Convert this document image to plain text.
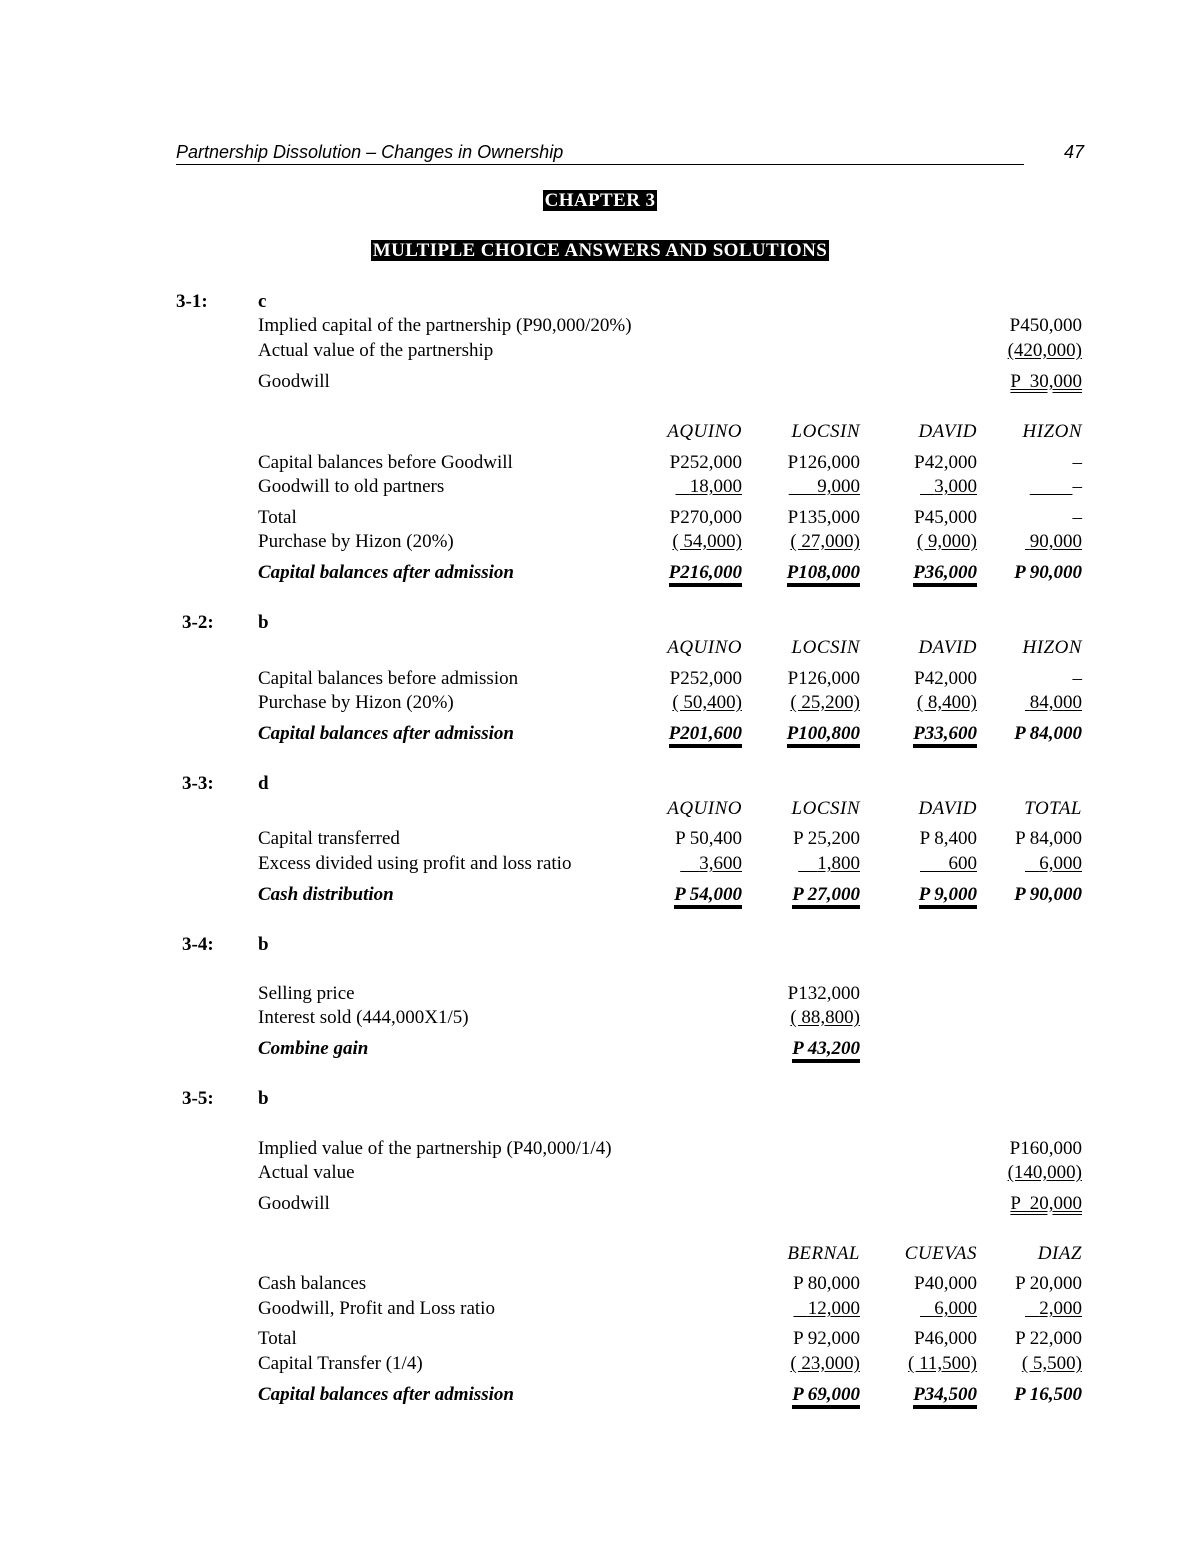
Partnership Dissolution – Changes in Ownership	47
CHAPTER 3
MULTIPLE CHOICE ANSWERS AND SOLUTIONS
3-1:	c
Implied capital of the partnership (P90,000/20%)	P450,000
Actual value of the partnership	(420,000)
Goodwill	P  30,000
AQUINO	LOCSIN	DAVID HIZON
Capital balances before Goodwill	P252,000 P126,000	P42,000	–
Goodwill to old partners	18,000	9,000	3,000	–
Total	P270,000 P135,000	P45,000	–
Purchase by Hizon (20%)	( 54,000)	( 27,000)	( 9,000)	90,000
Capital balances after admission	P216,000 P108,000	P36,000 P 90,000
3-2: b
AQUINO	LOCSIN	DAVID HIZON
Capital balances before admission	P252,000 P126,000	P42,000	–
Purchase by Hizon (20%)	( 50,400)	( 25,200)	( 8,400)	84,000
Capital balances after admission	P201,600 P100,800	P33,600 P 84,000
3-3: d
AQUINO	LOCSIN	DAVID TOTAL
Capital transferred	P 50,400	P 25,200	P 8,400 P 84,000
Excess divided using profit and loss ratio	3,600	1,800	600	6,000
Cash distribution	P 54,000	P 27,000	P 9,000 P 90,000
3-4: b
Selling price	P132,000
Interest sold (444,000X1/5)	( 88,800)
Combine gain	P 43,200
3-5: b
Implied value of the partnership (P40,000/1/4)	P160,000
Actual value	(140,000)
Goodwill	P  20,000
BERNAL CUEVAS	DIAZ
Cash balances	P 80,000	P40,000 P 20,000
Goodwill, Profit and Loss ratio	12,000	6,000	2,000
Total	P 92,000	P46,000 P 22,000
Capital Transfer (1/4)	( 23,000)	( 11,500) ( 5,500)
Capital balances after admission	P 69,000	P34,500 P 16,500
